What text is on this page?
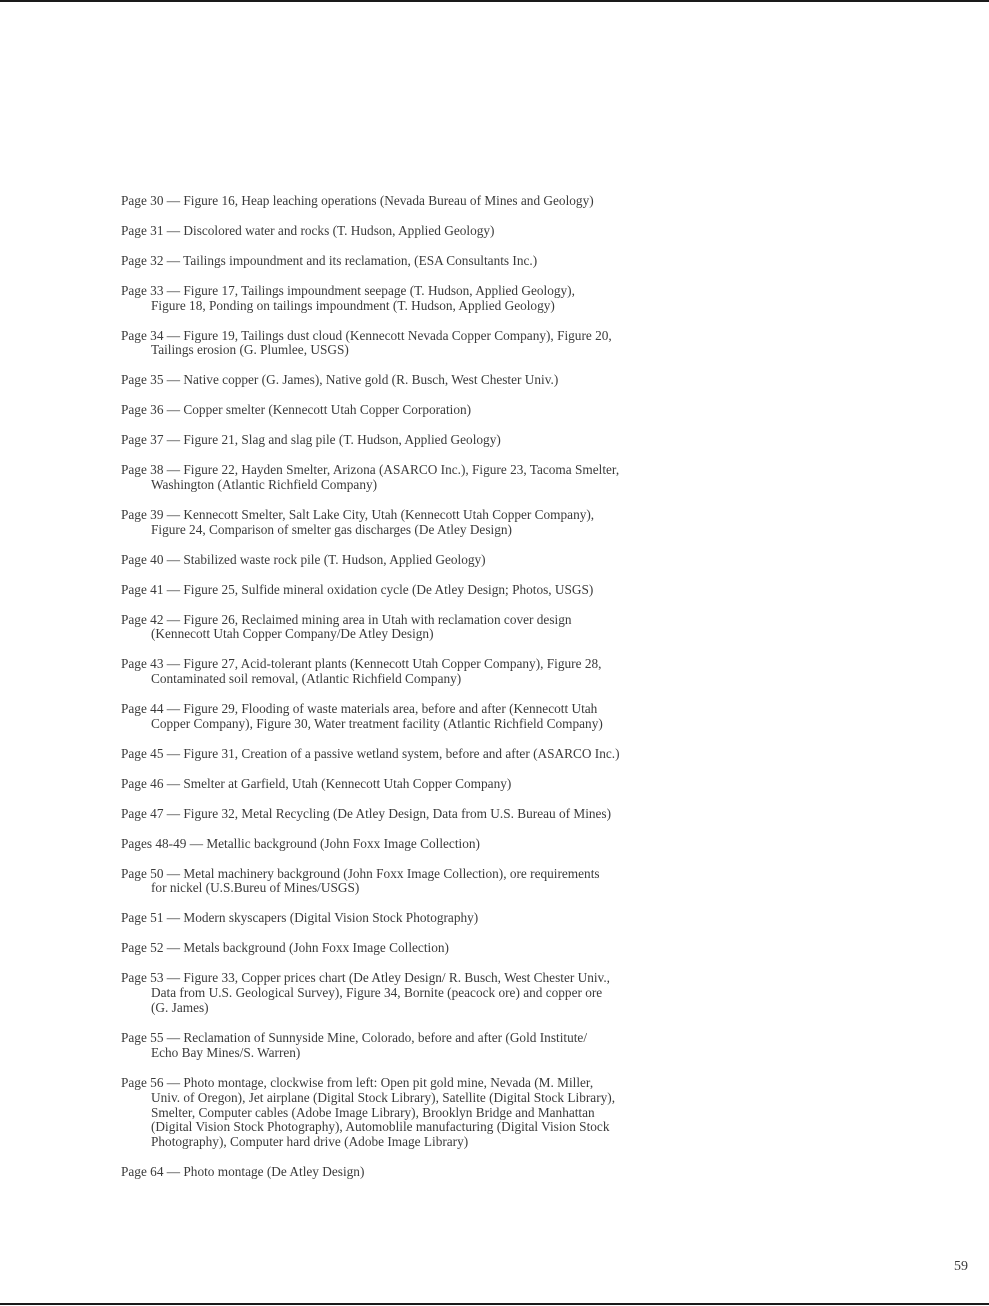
Page 30 — Figure 16, Heap leaching operations (Nevada Bureau of Mines and Geology)
Page 31 — Discolored water and rocks (T. Hudson, Applied Geology)
Page 32 — Tailings impoundment and its reclamation, (ESA Consultants Inc.)
Page 33 — Figure 17, Tailings impoundment seepage (T. Hudson, Applied Geology),
Figure 18, Ponding on tailings impoundment (T. Hudson, Applied Geology)
Page 34 — Figure 19, Tailings dust cloud (Kennecott Nevada Copper Company), Figure 20,
Tailings erosion (G. Plumlee, USGS)
Page 35 — Native copper (G. James), Native gold (R. Busch, West Chester Univ.)
Page 36 — Copper smelter (Kennecott Utah Copper Corporation)
Page 37 — Figure 21, Slag and slag pile (T. Hudson, Applied Geology)
Page 38 — Figure 22, Hayden Smelter, Arizona (ASARCO Inc.), Figure 23, Tacoma Smelter,
Washington (Atlantic Richfield Company)
Page 39 — Kennecott Smelter, Salt Lake City, Utah (Kennecott Utah Copper Company),
Figure 24, Comparison of smelter gas discharges (De Atley Design)
Page 40 — Stabilized waste rock pile (T. Hudson, Applied Geology)
Page 41 — Figure 25, Sulfide mineral oxidation cycle (De Atley Design; Photos, USGS)
Page 42 — Figure 26, Reclaimed mining area in Utah with reclamation cover design
(Kennecott Utah Copper Company/De Atley Design)
Page 43 — Figure 27, Acid-tolerant plants (Kennecott Utah Copper Company), Figure 28,
Contaminated soil removal, (Atlantic Richfield Company)
Page 44 — Figure 29, Flooding of waste materials area, before and after (Kennecott Utah
Copper Company), Figure 30, Water treatment facility (Atlantic Richfield Company)
Page 45 — Figure 31, Creation of a passive wetland system, before and after (ASARCO Inc.)
Page 46 — Smelter at Garfield, Utah (Kennecott Utah Copper Company)
Page 47 — Figure 32, Metal Recycling (De Atley Design, Data from U.S. Bureau of Mines)
Pages 48-49 — Metallic background (John Foxx Image Collection)
Page 50 — Metal machinery background (John Foxx Image Collection), ore requirements
for nickel (U.S.Bureu of Mines/USGS)
Page 51 — Modern skyscapers (Digital Vision Stock Photography)
Page 52 — Metals background (John Foxx Image Collection)
Page 53 — Figure 33, Copper prices chart (De Atley Design/ R. Busch, West Chester Univ.,
Data from U.S. Geological Survey), Figure 34, Bornite (peacock ore) and copper ore
(G. James)
Page 55 — Reclamation of Sunnyside Mine, Colorado, before and after (Gold Institute/
Echo Bay Mines/S. Warren)
Page 56 — Photo montage, clockwise from left: Open pit gold mine, Nevada (M. Miller,
Univ. of Oregon), Jet airplane (Digital Stock Library), Satellite (Digital Stock Library),
Smelter, Computer cables (Adobe Image Library), Brooklyn Bridge and Manhattan
(Digital Vision Stock Photography), Automoblile manufacturing (Digital Vision Stock
Photography), Computer hard drive (Adobe Image Library)
Page 64 — Photo montage (De Atley Design)
59
